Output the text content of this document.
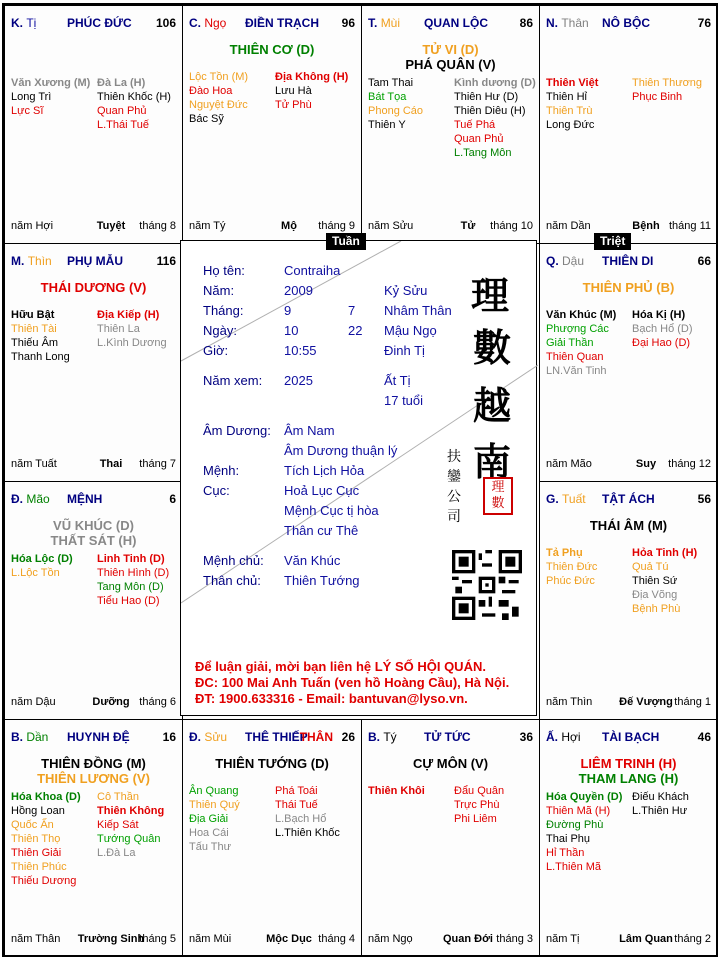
K. Tị	PHÚC ĐỨC 106
Văn Xương (M)
Long Trì
Lực Sĩ
Đà La (H)
Thiên Khốc (H)
Quan Phủ
L.Thái Tuế
năm Hợi	Tuyệt tháng 8
C. Ngọ ĐIỀN TRẠCH 96
THIÊN CƠ (D)
Lộc Tồn (M)
Đào Hoa
Nguyệt Đức
Bác Sỹ
Địa Không (H)
Lưu Hà
Tử Phù
năm Tý	Mộ tháng 9
T. Mùi QUAN LỘC	86
TỬ VI (D)
PHÁ QUÂN (V)
Tam Thai
Bát Tọa
Phong Cáo
Thiên Y
Kình dương (D)
Thiên Hư (D)
Thiên Diêu (H)
Tuế Phá
Quan Phủ
L.Tang Môn
năm Sửu	Tử tháng 10
N. Thân NÔ BỘC	76
Thiên Việt
Thiên Hỉ
Thiên Trù
Long Đức
Thiên Thương
Phục Binh
năm Dần	Bệnh tháng 11
M. Thìn PHỤ MẪU	116
THÁI DƯƠNG (V)
Hữu Bật
Thiên Tài
Thiếu Âm
Thanh Long
Địa Kiếp (H)
Thiên La
L.Kình Dương
năm Tuất	Thai tháng 7
Q. Dậu THIÊN DI	66
THIÊN PHỦ (B)
Văn Khúc (M)
Phượng Các
Giải Thần
Thiên Quan
LN.Văn Tinh
Hóa Kị (H)
Bạch Hổ (D)
Đại Hao (D)
năm Mão	Suy tháng 12
Đ. Mão MỆNH	6
VŨ KHÚC (D)
THẤT SÁT (H)
Hóa Lộc (D)
L.Lộc Tồn
Linh Tinh (D)
Thiên Hình (D)
Tang Môn (D)
Tiểu Hao (D)
năm Dậu	Dưỡng tháng 6
G. Tuất TẬT ÁCH	56
THÁI ÂM (M)
Tả Phụ
Thiên Đức
Phúc Đức
Hỏa Tinh (H)
Quả Tú
Thiên Sứ
Địa Võng
Bệnh Phù
năm Thìn Đế Vượng tháng 1
B. Dần HUYNH ĐỆ	16
THIÊN ĐỒNG (M)
THIÊN LƯƠNG (V)
Hóa Khoa (D)
Hồng Loan
Quốc Ấn
Thiên Thọ
Thiên Giải
Thiên Phúc
Thiếu Dương
Cô Thần
Thiên Không
Kiếp Sát
Tướng Quân
L.Đà La
năm Thân Trường Sinh
tháng 5
Đ. Sửu THÊ THIẾP
THÂN 26
THIÊN TƯỚNG (D)
Ân Quang
Thiên Quý
Địa Giải
Hoa Cái
Tấu Thư
Phá Toái
Thái Tuế
L.Bạch Hổ
L.Thiên Khốc
năm Mùi	Mộc Dục tháng 4
B. Tý TỬ TỨC	36
CỰ MÔN (V)
Thiên Khôi	Đẩu Quân
Trực Phù
Phi Liêm
năm Ngọ	Quan Đới tháng 3
Ấ. Hợi TÀI BẠCH	46
LIÊM TRINH (H)
THAM LANG (H)
Hóa Quyền (D)
Thiên Mã (H)
Đường Phù
Thai Phụ
Hỉ Thần
L.Thiên Mã
Điếu Khách
L.Thiên Hư
năm Tị	Lâm Quan tháng 2
Họ tên:	Contraiha
Năm:	2009	Kỷ Sửu
Tháng:	9	7 Nhâm Thân
Ngày:	10	22 Mậu Ngọ
Giờ:	10:55	Đinh Tị
Năm xem: 2025	Ất Tị
17 tuổi
Âm Dương: Âm Nam
Âm Dương thuận lý
Mệnh:	Tích Lịch Hỏa
Cục:	Hoả Lục Cục
Mệnh Cục tị hòa
Thân cư Thê
Mệnh chủ: Văn Khúc
Thân chủ: Thiên Tướng
理
數
越
南
扶
鑾
公
司
理
數
Để luận giải, mời bạn liên hệ LÝ SỐ HỘI QUÁN.
ĐC: 100 Mai Anh Tuấn (ven hồ Hoàng Cầu), Hà Nội.
ĐT: 1900.633316 - Email: bantuvan@lyso.vn.
Tuần	Triệt
